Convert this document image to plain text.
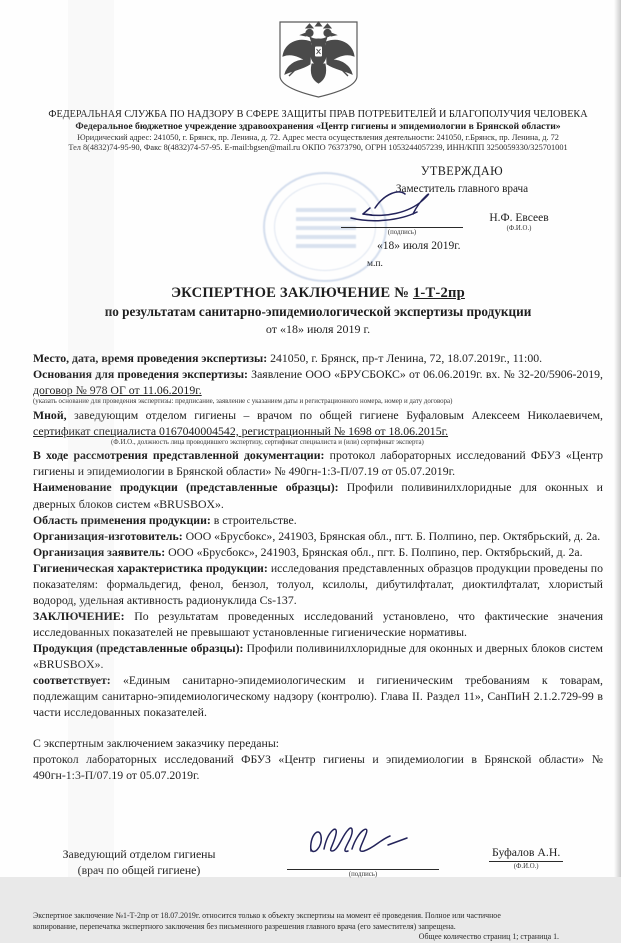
ФЕДЕРАЛЬНАЯ СЛУЖБА ПО НАДЗОРУ В СФЕРЕ ЗАЩИТЫ ПРАВ ПОТРЕБИТЕЛЕЙ И БЛАГОПОЛУЧИЯ ЧЕЛОВЕКА
Федеральное бюджетное учреждение здравоохранения «Центр гигиены и эпидемиологии в Брянской области»
Юридический адрес: 241050, г. Брянск, пр. Ленина, д. 72. Адрес места осуществления деятельности: 241050, г.Брянск, пр. Ленина, д. 72
Тел 8(4832)74-95-90, Факс 8(4832)74-57-95. E-mail:bgsen@mail.ru ОКПО 76373790, ОГРН 1053244057239, ИНН/КПП 3250059330/325701001
УТВЕРЖДАЮ
Заместитель главного врача
(подпись)
Н.Ф. Евсеев
(Ф.И.О.)
«18» июля 2019г.
м.п.
ЭКСПЕРТНОЕ ЗАКЛЮЧЕНИЕ № 1-Т-2пр
по результатам санитарно-эпидемиологической экспертизы продукции
от «18» июля 2019 г.

Место, дата, время проведения экспертизы: 241050, г. Брянск, пр-т Ленина, 72, 18.07.2019г., 11:00.

Основания для проведения экспертизы: Заявление ООО «БРУСБОКС» от 06.06.2019г. вх. № 32-20/5906-2019, договор № 978 ОГ от 11.06.2019г.

(указать основание для проведения экспертизы: предписание, заявление с указанием даты и регистрационного номера, номер и дату договора)

Мной, заведующим отделом гигиены – врачом по общей гигиене Буфаловым Алексеем Николаевичем, сертификат специалиста 0167040004542, регистрационный № 1698 от 18.06.2015г.

(Ф.И.О., должность лица проводившего экспертизу, сертификат специалиста и (или) сертификат эксперта)

В ходе рассмотрения представленной документации: протокол лабораторных исследований ФБУЗ «Центр гигиены и эпидемиологии в Брянской области» № 490гн-1:3-П/07.19 от 05.07.2019г.

Наименование продукции (представленные образцы): Профили поливинилхлоридные для оконных и дверных блоков систем «BRUSBOX».

Область применения продукции: в строительстве.

Организация-изготовитель: ООО «Брусбокс», 241903, Брянская обл., пгт. Б. Полпино, пер. Октябрьский, д. 2а.

Организация заявитель: ООО «Брусбокс», 241903, Брянская обл., пгт. Б. Полпино, пер. Октябрьский, д. 2а.

Гигиеническая характеристика продукции: исследования представленных образцов продукции проведены по показателям: формальдегид, фенол, бензол, толуол, ксилолы, дибутилфталат, диоктилфталат, хлористый водород, удельная активность радионуклида Cs-137.

ЗАКЛЮЧЕНИЕ: По результатам проведенных исследований установлено, что фактические значения исследованных показателей не превышают установленные гигиенические нормативы.

Продукция (представленные образцы): Профили поливинилхлоридные для оконных и дверных блоков систем «BRUSBOX».

соответствует: «Единым санитарно-эпидемиологическим и гигиеническим требованиям к товарам, подлежащим санитарно-эпидемиологическому надзору (контролю). Глава II. Раздел 11», СанПиН 2.1.2.729-99 в части исследованных показателей.

С экспертным заключением заказчику переданы:

протокол лабораторных исследований ФБУЗ «Центр гигиены и эпидемиологии в Брянской области» № 490гн-1:3-П/07.19 от 05.07.2019г.

Заведующий отделом гигиены
(врач по общей гигиене)	(подпись)
Буфалов А.Н.
(Ф.И.О.)
Экспертное заключение №1-Т-2пр от 18.07.2019г. относится только к объекту экспертизы на момент её проведения. Полное или частичное
копирование, перепечатка экспертного заключения без письменного разрешения главного врача (его заместителя) запрещена.
Общее количество страниц 1; страница 1.
